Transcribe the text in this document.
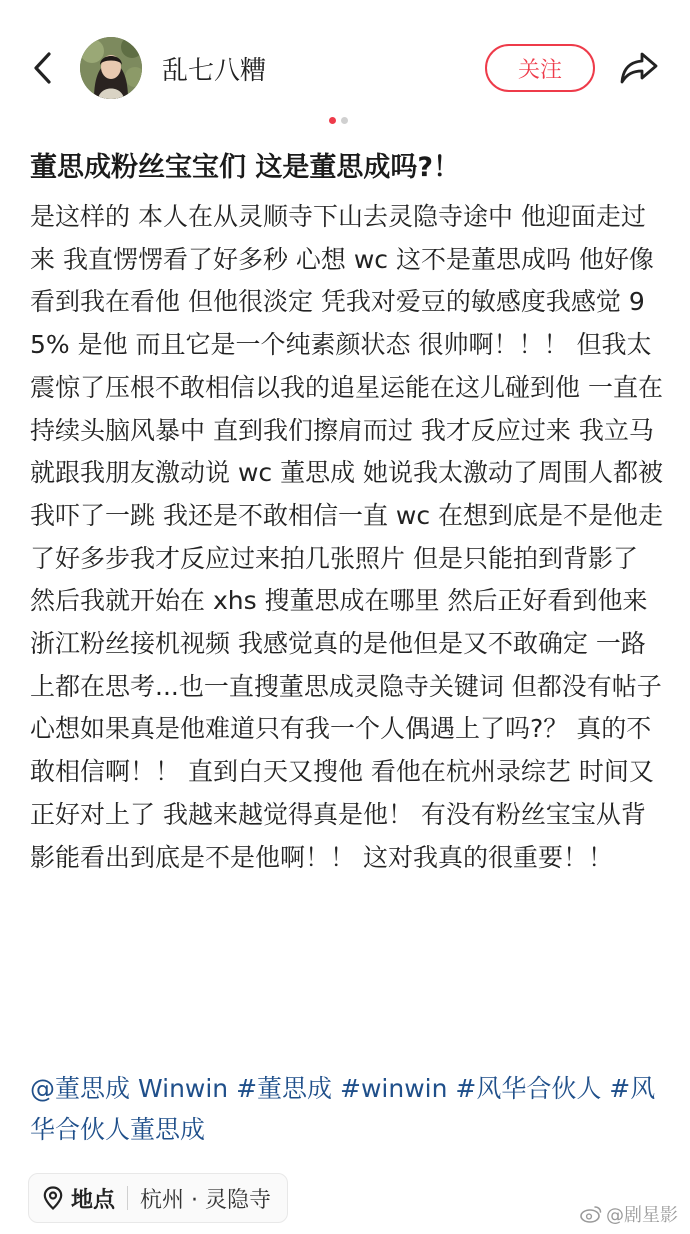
乱七八糟	关注
董思成粉丝宝宝们 这是董思成吗?！

是这样的 本人在从灵顺寺下山去灵隐寺途中 他迎面走过来 我直愣愣看了好多秒 心想 wc 这不是董思成吗 他好像看到我在看他 但他很淡定 凭我对爱豆的敏感度我感觉 95% 是他 而且它是一个纯素颜状态 很帅啊！！！ 但我太震惊了压根不敢相信以我的追星运能在这儿碰到他 一直在持续头脑风暴中 直到我们擦肩而过 我才反应过来 我立马就跟我朋友激动说 wc 董思成 她说我太激动了周围人都被我吓了一跳 我还是不敢相信一直 wc 在想到底是不是他走了好多步我才反应过来拍几张照片 但是只能拍到背影了 然后我就开始在 xhs 搜董思成在哪里 然后正好看到他来浙江粉丝接机视频 我感觉真的是他但是又不敢确定 一路上都在思考...也一直搜董思成灵隐寺关键词 但都没有帖子 心想如果真是他难道只有我一个人偶遇上了吗?？ 真的不敢相信啊！！ 直到白天又搜他 看他在杭州录综艺 时间又正好对上了 我越来越觉得真是他！ 有没有粉丝宝宝从背影能看出到底是不是他啊！！ 这对我真的很重要！！

@董思成 Winwin #董思成 #winwin #风华合伙人 #风华合伙人董思成
地点 杭州 · 灵隐寺
@剧星影
